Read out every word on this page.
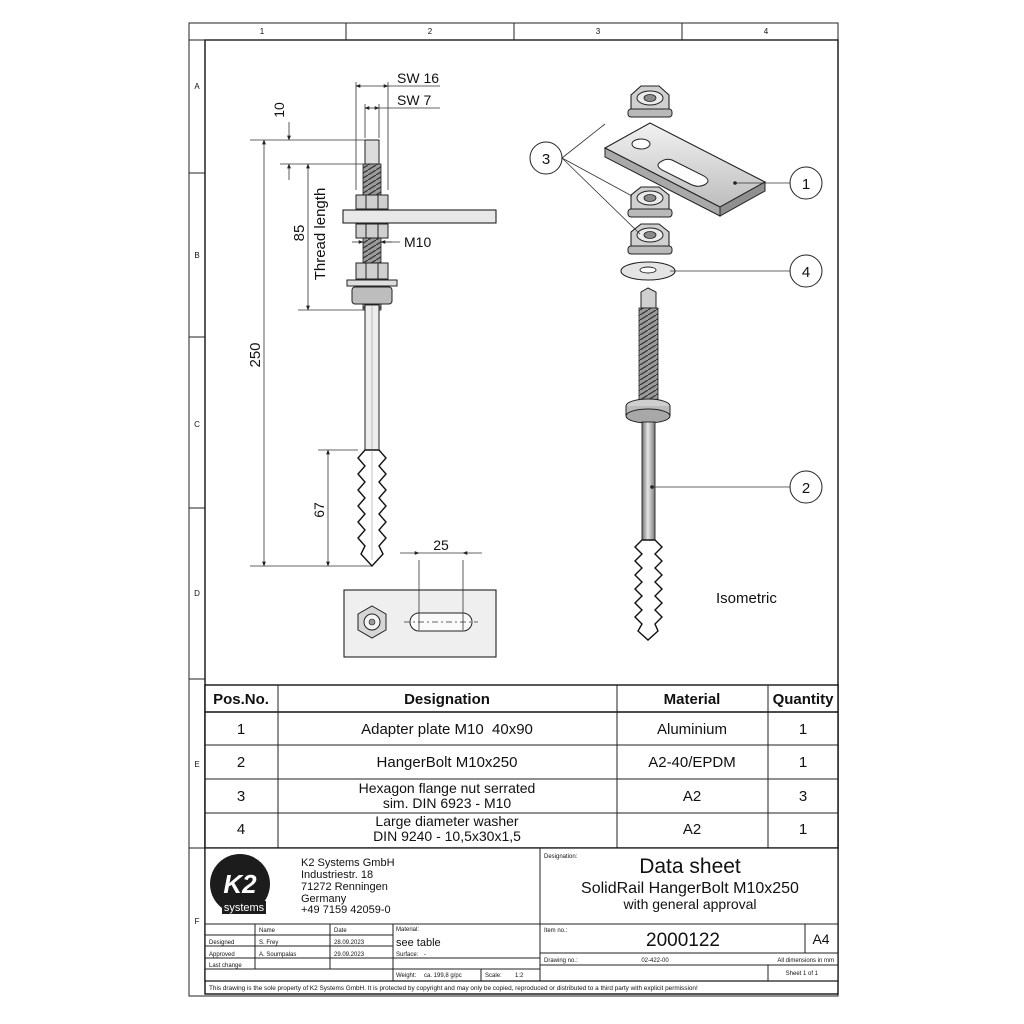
1	2	3	4
A
B
C
D
E
F
SW 16
SW 7
10
250
85 Thread length	M10
67
25
1
2
3
4
Isometric
Pos.No.	Designation	Material	Quantity
1	Adapter plate M10  40x90	Aluminium	1
2	HangerBolt M10x250	A2-40/EPDM	1
3	Hexagon flange nut serrated
sim. DIN 6923 - M10	A2	3
4	Large diameter washer
DIN 9240 - 10,5x30x1,5	A2	1
K2
systems
K2 Systems GmbH
Industriestr. 18
71272 Renningen
Germany
+49 7159 42059-0
Designation:	Data sheet
SolidRail HangerBolt M10x250
with general approval
Name	Date	Material:
see table
Designed	S. Frey	28.09.2023
Approved	A. Soumpalas	29.09.2023	Surface: -
Last change
Weight: ca. 199,8 g/pc	Scale: 1:2
Item no.:	2000122	A4
Drawing no.:	02-422-00	All dimensions in mm
Sheet 1 of 1
This drawing is the sole property of K2 Systems GmbH. It is protected by copyright and may only be copied, reproduced or distributed to a third party with explicit permission!
